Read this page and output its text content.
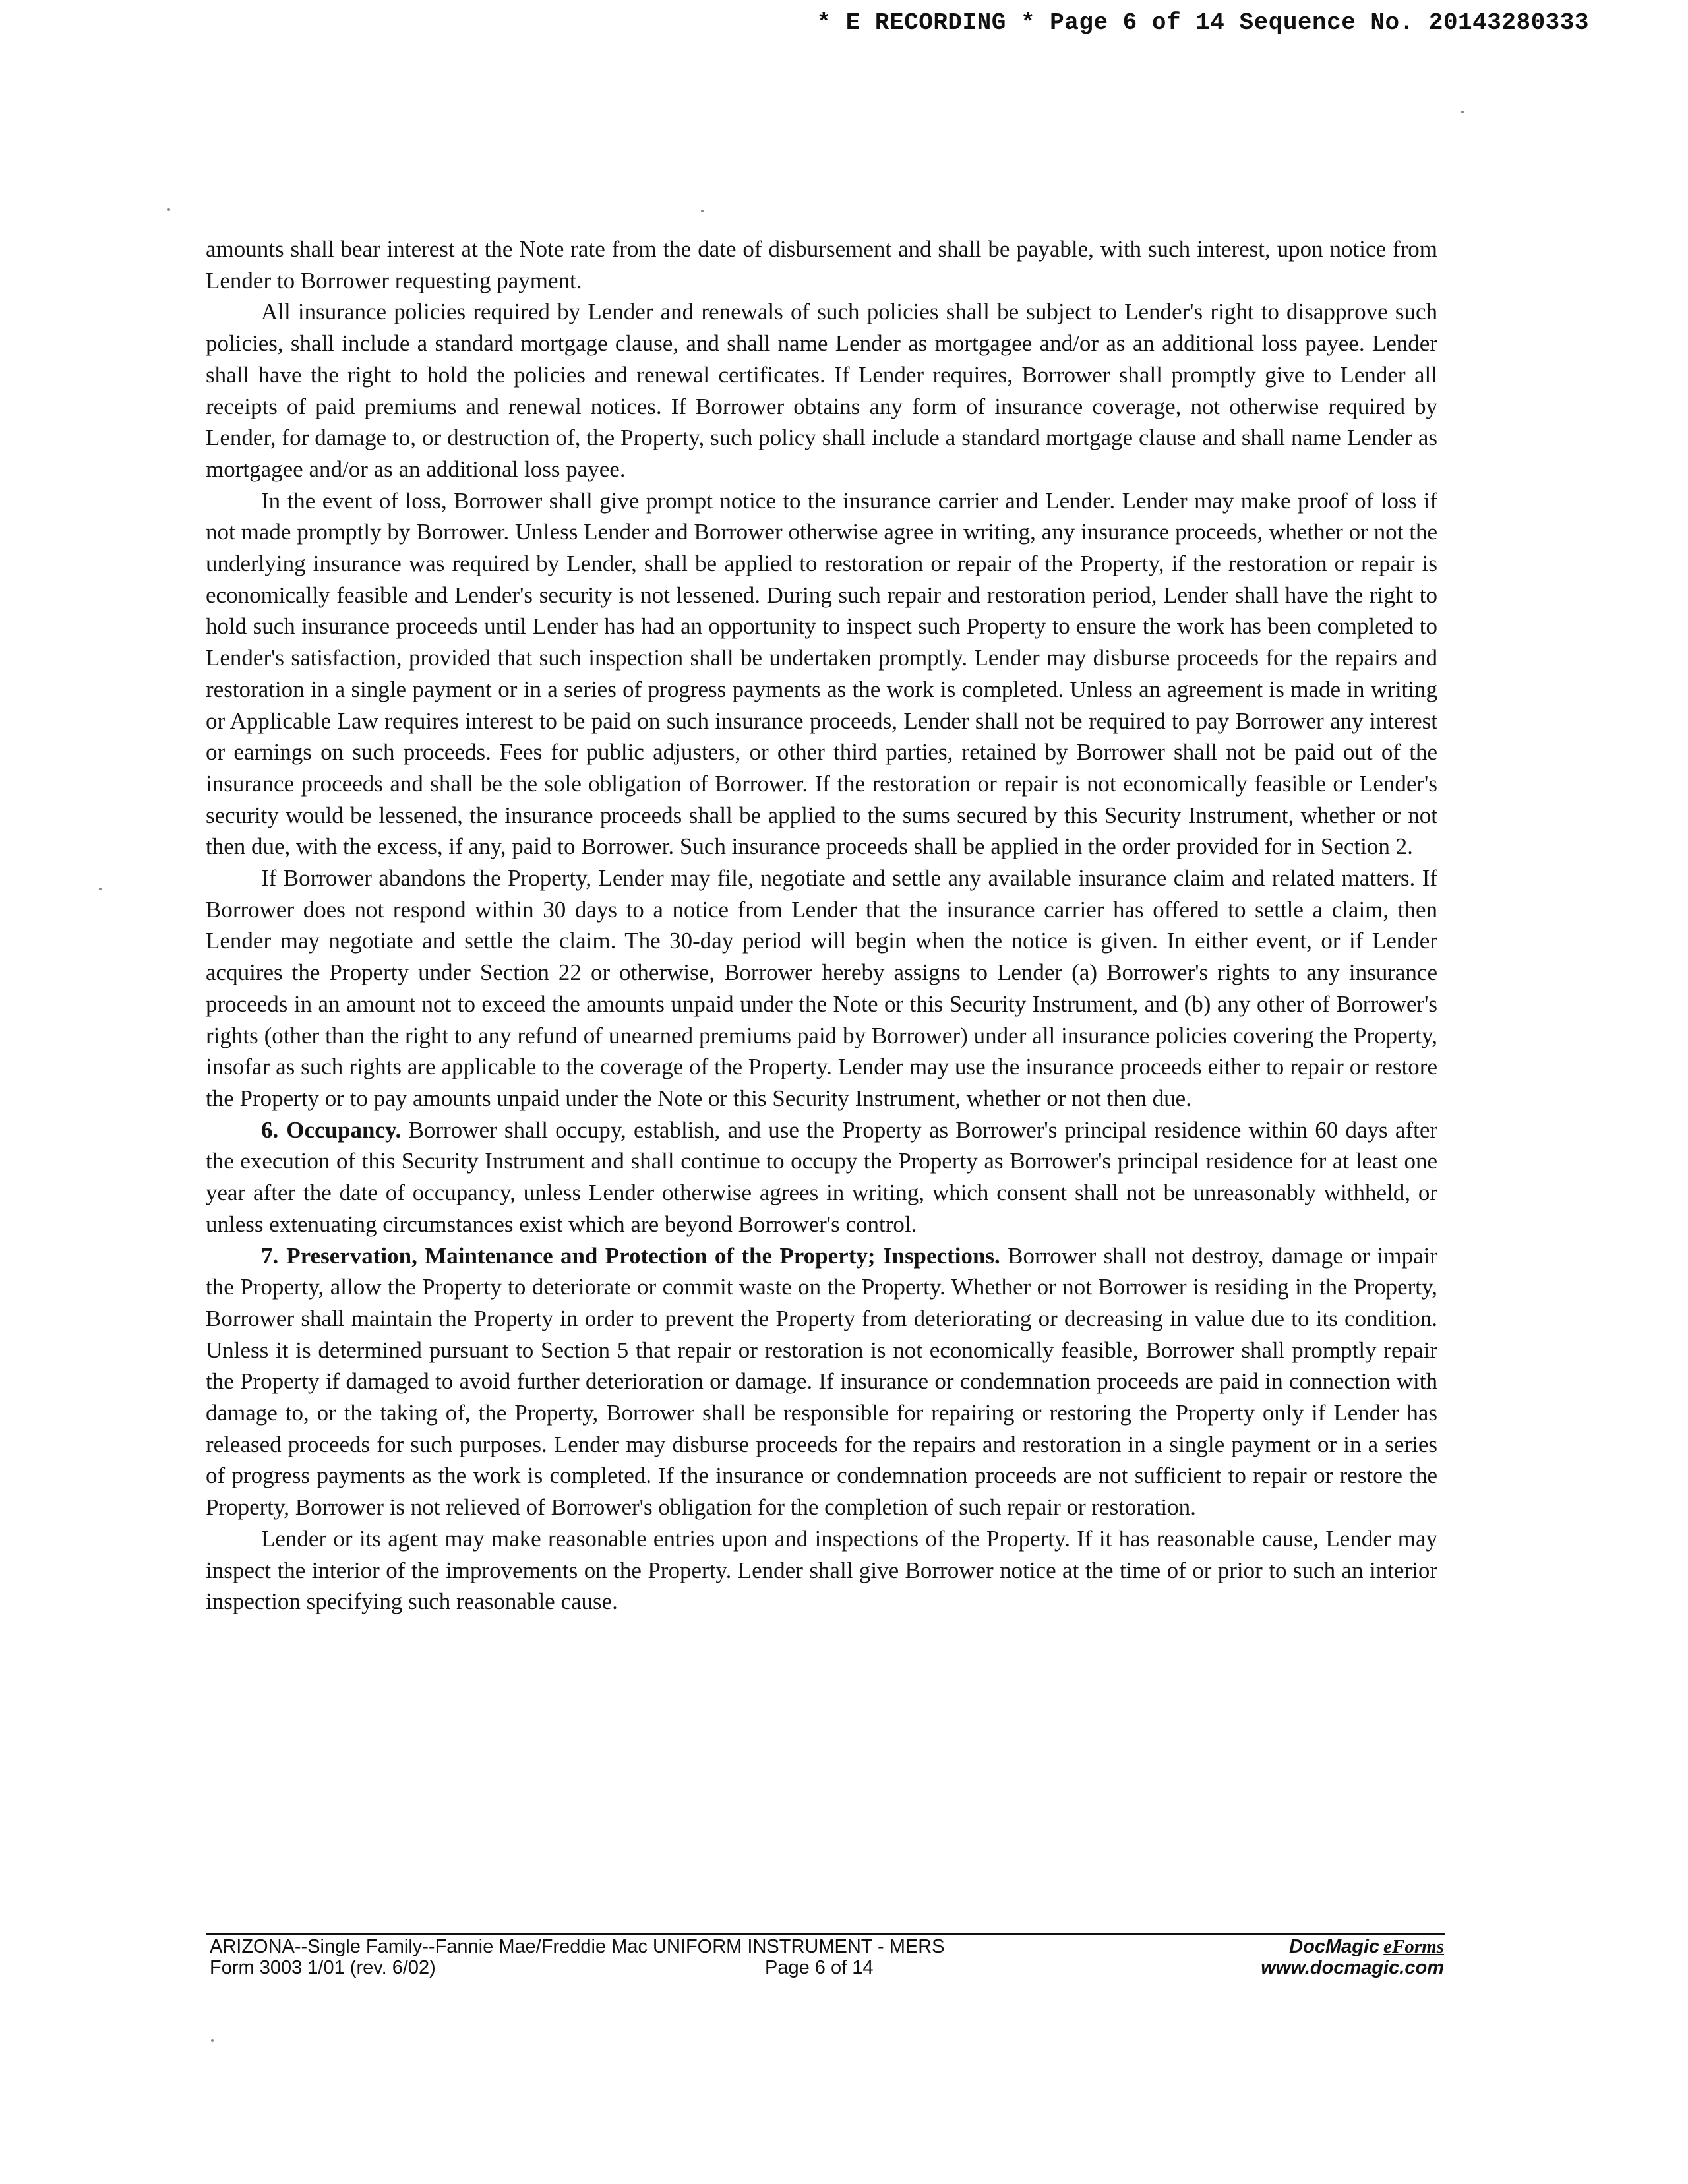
* E RECORDING * Page 6 of 14 Sequence No. 20143280333

amounts shall bear interest at the Note rate from the date of disbursement and shall be payable, with such interest, upon notice from Lender to Borrower requesting payment.

All insurance policies required by Lender and renewals of such policies shall be subject to Lender's right to disapprove such policies, shall include a standard mortgage clause, and shall name Lender as mortgagee and/or as an additional loss payee. Lender shall have the right to hold the policies and renewal certificates. If Lender requires, Borrower shall promptly give to Lender all receipts of paid premiums and renewal notices. If Borrower obtains any form of insurance coverage, not otherwise required by Lender, for damage to, or destruction of, the Property, such policy shall include a standard mortgage clause and shall name Lender as mortgagee and/or as an additional loss payee.

In the event of loss, Borrower shall give prompt notice to the insurance carrier and Lender. Lender may make proof of loss if not made promptly by Borrower. Unless Lender and Borrower otherwise agree in writing, any insurance proceeds, whether or not the underlying insurance was required by Lender, shall be applied to restoration or repair of the Property, if the restoration or repair is economically feasible and Lender's security is not lessened. During such repair and restoration period, Lender shall have the right to hold such insurance proceeds until Lender has had an opportunity to inspect such Property to ensure the work has been completed to Lender's satisfaction, provided that such inspection shall be undertaken promptly. Lender may disburse proceeds for the repairs and restoration in a single payment or in a series of progress payments as the work is completed. Unless an agreement is made in writing or Applicable Law requires interest to be paid on such insurance proceeds, Lender shall not be required to pay Borrower any interest or earnings on such proceeds. Fees for public adjusters, or other third parties, retained by Borrower shall not be paid out of the insurance proceeds and shall be the sole obligation of Borrower. If the restoration or repair is not economically feasible or Lender's security would be lessened, the insurance proceeds shall be applied to the sums secured by this Security Instrument, whether or not then due, with the excess, if any, paid to Borrower. Such insurance proceeds shall be applied in the order provided for in Section 2.

If Borrower abandons the Property, Lender may file, negotiate and settle any available insurance claim and related matters. If Borrower does not respond within 30 days to a notice from Lender that the insurance carrier has offered to settle a claim, then Lender may negotiate and settle the claim. The 30-day period will begin when the notice is given. In either event, or if Lender acquires the Property under Section 22 or otherwise, Borrower hereby assigns to Lender (a) Borrower's rights to any insurance proceeds in an amount not to exceed the amounts unpaid under the Note or this Security Instrument, and (b) any other of Borrower's rights (other than the right to any refund of unearned premiums paid by Borrower) under all insurance policies covering the Property, insofar as such rights are applicable to the coverage of the Property. Lender may use the insurance proceeds either to repair or restore the Property or to pay amounts unpaid under the Note or this Security Instrument, whether or not then due.

6. Occupancy. Borrower shall occupy, establish, and use the Property as Borrower's principal residence within 60 days after the execution of this Security Instrument and shall continue to occupy the Property as Borrower's principal residence for at least one year after the date of occupancy, unless Lender otherwise agrees in writing, which consent shall not be unreasonably withheld, or unless extenuating circumstances exist which are beyond Borrower's control.

7. Preservation, Maintenance and Protection of the Property; Inspections. Borrower shall not destroy, damage or impair the Property, allow the Property to deteriorate or commit waste on the Property. Whether or not Borrower is residing in the Property, Borrower shall maintain the Property in order to prevent the Property from deteriorating or decreasing in value due to its condition. Unless it is determined pursuant to Section 5 that repair or restoration is not economically feasible, Borrower shall promptly repair the Property if damaged to avoid further deterioration or damage. If insurance or condemnation proceeds are paid in connection with damage to, or the taking of, the Property, Borrower shall be responsible for repairing or restoring the Property only if Lender has released proceeds for such purposes. Lender may disburse proceeds for the repairs and restoration in a single payment or in a series of progress payments as the work is completed. If the insurance or condemnation proceeds are not sufficient to repair or restore the Property, Borrower is not relieved of Borrower's obligation for the completion of such repair or restoration.

Lender or its agent may make reasonable entries upon and inspections of the Property. If it has reasonable cause, Lender may inspect the interior of the improvements on the Property. Lender shall give Borrower notice at the time of or prior to such an interior inspection specifying such reasonable cause.

ARIZONA--Single Family--Fannie Mae/Freddie Mac UNIFORM INSTRUMENT - MERS
Form 3003 1/01 (rev. 6/02)	Page 6 of 14
DocMagic eForms
www.docmagic.com
